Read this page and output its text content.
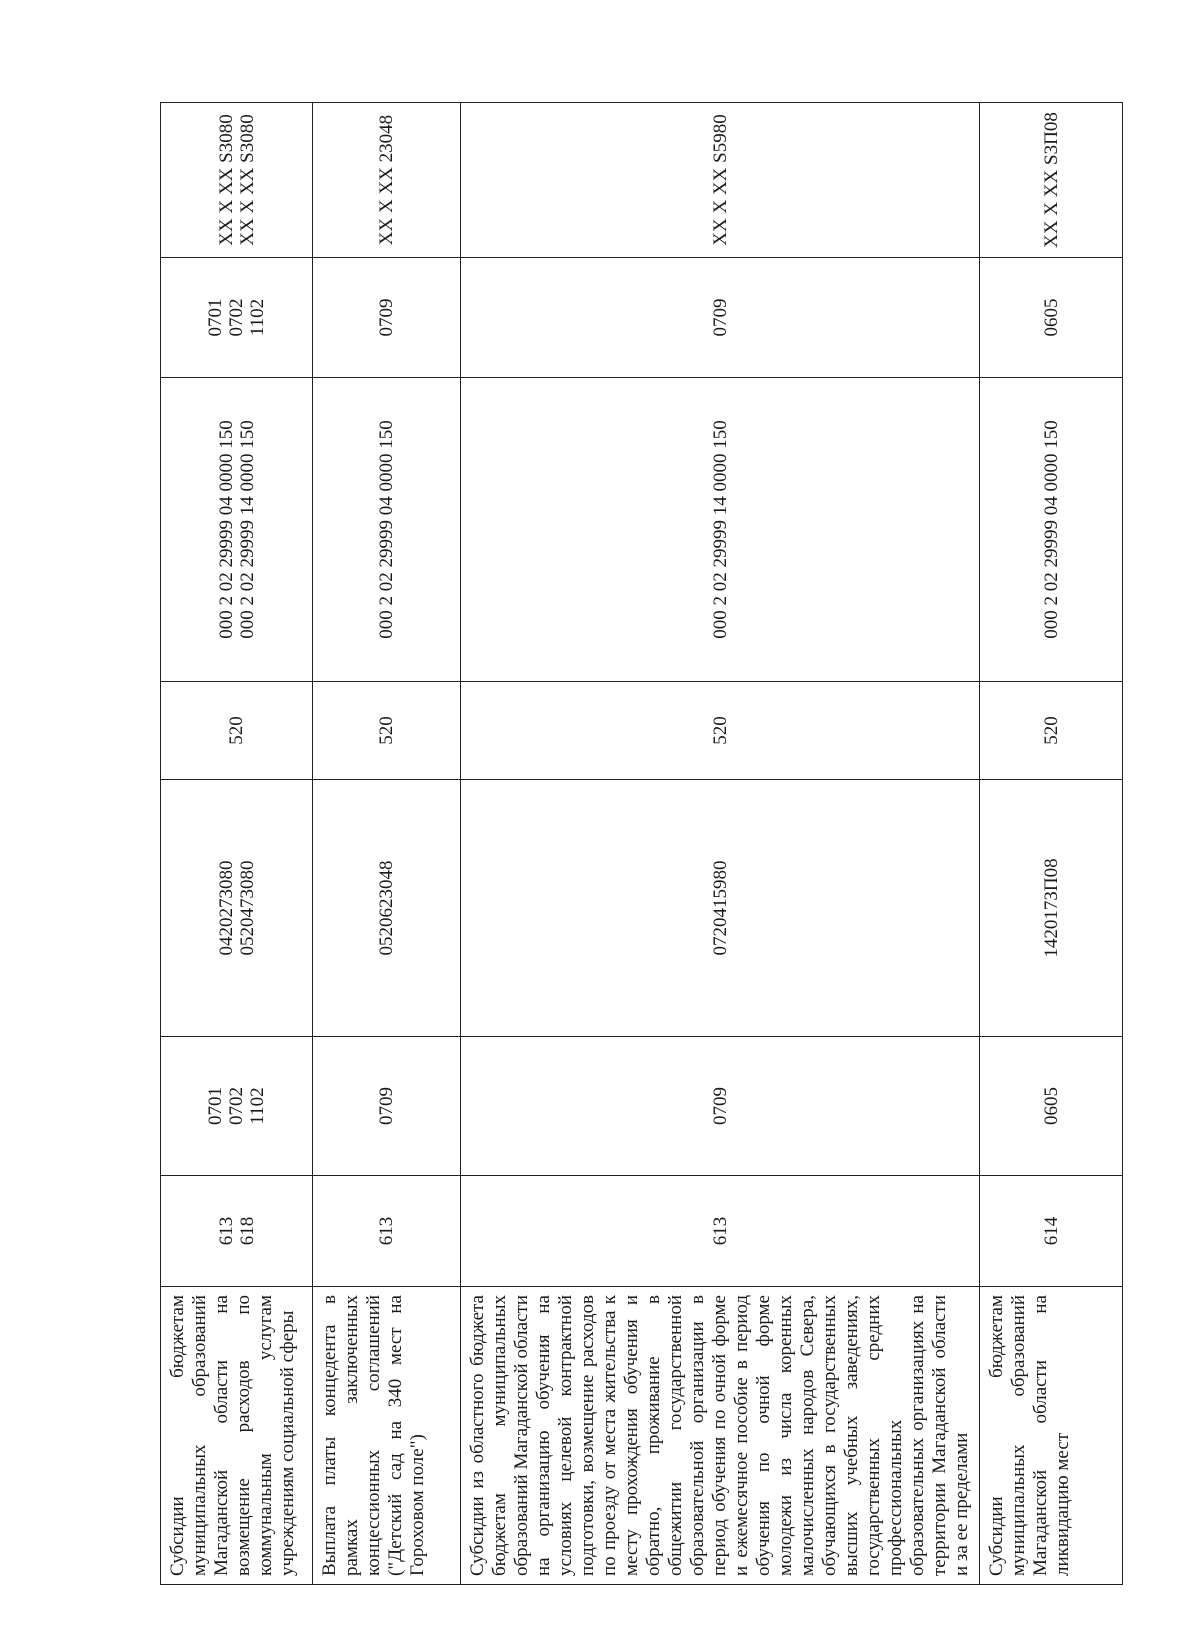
Субсидии бюджетам муниципальных образований Магаданской области на возмещение расходов по коммунальным услугам учреждениям социальной сферы	613 618	0701 0702 1102	0420273080 0520473080	520	000 2 02 29999 04 0000 150 000 2 02 29999 14 0000 150	0701 0702 1102	XX X XX S3080 XX X XX S3080

Выплата платы концедента в рамках заключенных концессионных соглашений ("Детский сад на 340 мест на Гороховом поле")	613	0709	0520623048	520	000 2 02 29999 04 0000 150	0709	XX X XX 23048

Субсидии из областного бюджета бюджетам муниципальных образований Магаданской области на организацию обучения на условиях целевой контрактной подготовки, возмещение расходов по проезду от места жительства к месту прохождения обучения и обратно, проживание в общежитии государственной образовательной организации в период обучения по очной форме и ежемесячное пособие в период обучения по очной форме молодежи из числа коренных малочисленных народов Севера, обучающихся в государственных высших учебных заведениях, государственных средних профессиональных образовательных организациях на территории Магаданской области и за ее пределами	613	0709	0720415980	520	000 2 02 29999 14 0000 150	0709	XX X XX S5980

Субсидии бюджетам муниципальных образований Магаданской области на ликвидацию мест	614	0605	142017ЗП08	520	000 2 02 29999 04 0000 150	0605	XX X XX S3П08
